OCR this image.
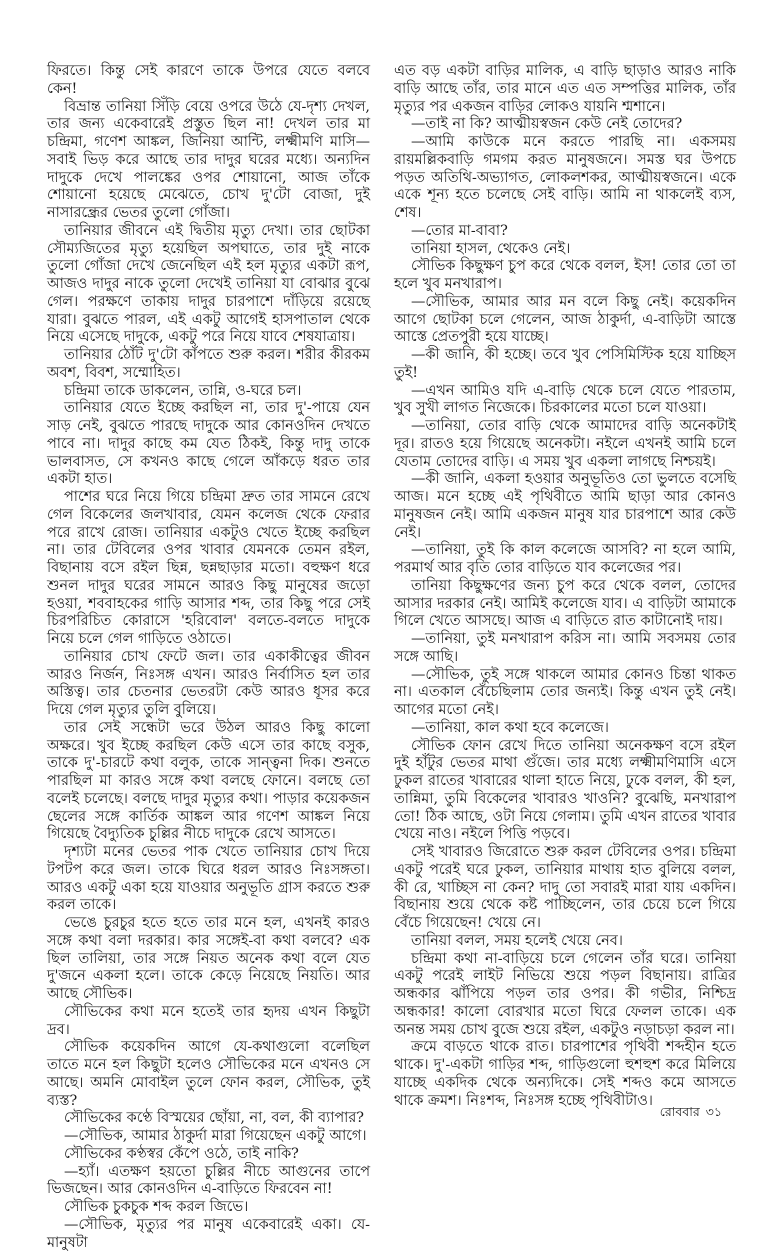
ফিরতে। কিন্তু সেই কারণে তাকে উপরে যেতে বলবে কেন!

বিভ্রান্ত তানিয়া সিঁড়ি বেয়ে ওপরে উঠে যে-দৃশ্য দেখল, তার জন্য একেবারেই প্রস্তুত ছিল না! দেখল তার মা চন্দ্রিমা, গণেশ আঙ্কল, জিনিয়া আন্টি, লক্ষ্মীমণি মাসি—সবাই ভিড় করে আছে তার দাদুর ঘরের মধ্যে। অন্যদিন দাদুকে দেখে পালঙ্কের ওপর শোয়ানো, আজ তাঁকে শোয়ানো হয়েছে মেঝেতে, চোখ দু'টো বোজা, দুই নাসারন্ধ্রের ভেতর তুলো গোঁজা।

তানিয়ার জীবনে এই দ্বিতীয় মৃত্যু দেখা। তার ছোটকা সৌম্যজিতের মৃত্যু হয়েছিল অপঘাতে, তার দুই নাকে তুলো গোঁজা দেখে জেনেছিল এই হল মৃত্যুর একটা রূপ, আজও দাদুর নাকে তুলো দেখেই তানিয়া যা বোঝার বুঝে গেল। পরক্ষণে তাকায় দাদুর চারপাশে দাঁড়িয়ে রয়েছে যারা। বুঝতে পারল, এই একটু আগেই হাসপাতাল থেকে নিয়ে এসেছে দাদুকে, একটু পরে নিয়ে যাবে শেষযাত্রায়।

তানিয়ার ঠোঁট দু'টো কাঁপতে শুরু করল। শরীর কীরকম অবশ, বিবশ, সম্মোহিত।

চন্দ্রিমা তাকে ডাকলেন, তান্নি, ও-ঘরে চল।

তানিয়ার যেতে ইচ্ছে করছিল না, তার দু'-পায়ে যেন সাড় নেই, বুঝতে পারছে দাদুকে আর কোনওদিন দেখতে পাবে না। দাদুর কাছে কম যেত ঠিকই, কিন্তু দাদু তাকে ভালবাসত, সে কখনও কাছে গেলে আঁকড়ে ধরত তার একটা হাত।

পাশের ঘরে নিয়ে গিয়ে চন্দ্রিমা দ্রুত তার সামনে রেখে গেল বিকেলের জলখাবার, যেমন কলেজ থেকে ফেরার পরে রাখে রোজ। তানিয়ার একটুও খেতে ইচ্ছে করছিল না। তার টেবিলের ওপর খাবার যেমনকে তেমন রইল, বিছানায় বসে রইল ছিন্ন, ছন্নছাড়ার মতো। বহুক্ষণ ধরে শুনল দাদুর ঘরের সামনে আরও কিছু মানুষের জড়ো হওয়া, শববাহকের গাড়ি আসার শব্দ, তার কিছু পরে সেই চিরপরিচিত কোরাসে 'হরিবোল' বলতে-বলতে দাদুকে নিয়ে চলে গেল গাড়িতে ওঠাতে।

তানিয়ার চোখ ফেটে জল। তার একাকীত্বের জীবন আরও নির্জন, নিঃসঙ্গ এখন। আরও নির্বাসিত হল তার অস্তিত্ব। তার চেতনার ভেতরটা কেউ আরও ধূসর করে দিয়ে গেল মৃত্যুর তুলি বুলিয়ে।

তার সেই সন্ধেটা ভরে উঠল আরও কিছু কালো অক্ষরে। খুব ইচ্ছে করছিল কেউ এসে তার কাছে বসুক, তাকে দু'-চারটে কথা বলুক, তাকে সান্ত্বনা দিক। শুনতে পারছিল মা কারও সঙ্গে কথা বলছে ফোনে। বলছে তো বলেই চলেছে। বলছে দাদুর মৃত্যুর কথা। পাড়ার কয়েকজন ছেলের সঙ্গে কার্তিক আঙ্কল আর গণেশ আঙ্কল নিয়ে গিয়েছে বৈদ্যুতিক চুল্লির নীচে দাদুকে রেখে আসতে।

দৃশ্যটা মনের ভেতর পাক খেতে তানিয়ার চোখ দিয়ে টপটপ করে জল। তাকে ঘিরে ধরল আরও নিঃসঙ্গতা। আরও একটু একা হয়ে যাওয়ার অনুভূতি গ্রাস করতে শুরু করল তাকে।

ভেঙে চুরচুর হতে হতে তার মনে হল, এখনই কারও সঙ্গে কথা বলা দরকার। কার সঙ্গেই-বা কথা বলবে? এক ছিল তালিয়া, তার সঙ্গে নিয়ত অনেক কথা বলে যেত দু'জনে একলা হলে। তাকে কেড়ে নিয়েছে নিয়তি। আর আছে সৌভিক।

সৌভিকের কথা মনে হতেই তার হৃদয় এখন কিছুটা দ্রব।

সৌভিক কয়েকদিন আগে যে-কথাগুলো বলেছিল তাতে মনে হল কিছুটা হলেও সৌভিকের মনে এখনও সে আছে। অমনি মোবাইল তুলে ফোন করল, সৌভিক, তুই ব্যস্ত?

সৌভিকের কণ্ঠে বিস্ময়ের ছোঁয়া, না, বল, কী ব্যাপার?

—সৌভিক, আমার ঠাকুর্দা মারা গিয়েছেন একটু আগে।

সৌভিকের কণ্ঠস্বর কেঁপে ওঠে, তাই নাকি?

—হ্যাঁ। এতক্ষণ হয়তো চুল্লির নীচে আগুনের তাপে ভিজছেন। আর কোনওদিন এ-বাড়িতে ফিরবেন না!

সৌভিক চুকচুক শব্দ করল জিভে।

—সৌভিক, মৃত্যুর পর মানুষ একেবারেই একা। যে-মানুষটা

এত বড় একটা বাড়ির মালিক, এ বাড়ি ছাড়াও আরও নাকি বাড়ি আছে তাঁর, তার মানে এত এত সম্পত্তির মালিক, তাঁর মৃত্যুর পর একজন বাড়ির লোকও যায়নি শ্মশানে।

—তাই না কি? আত্মীয়স্বজন কেউ নেই তোদের?

—আমি কাউকে মনে করতে পারছি না। একসময় রায়মল্লিকবাড়ি গমগম করত মানুষজনে। সমস্ত ঘর উপচে পড়ত অতিথি-অভ্যাগত, লোকলশকর, আত্মীয়স্বজনে। একে একে শূন্য হতে চলেছে সেই বাড়ি। আমি না থাকলেই ব্যস, শেষ।

—তোর মা-বাবা?

তানিয়া হাসল, থেকেও নেই।

সৌভিক কিছুক্ষণ চুপ করে থেকে বলল, ইস! তোর তো তা হলে খুব মনখারাপ।

—সৌভিক, আমার আর মন বলে কিছু নেই। কয়েকদিন আগে ছোটকা চলে গেলেন, আজ ঠাকুর্দা, এ-বাড়িটা আস্তে আস্তে প্রেতপুরী হয়ে যাচ্ছে।

—কী জানি, কী হচ্ছে। তবে খুব পেসিমিস্টিক হয়ে যাচ্ছিস তুই!

—এখন আমিও যদি এ-বাড়ি থেকে চলে যেতে পারতাম, খুব সুখী লাগত নিজেকে। চিরকালের মতো চলে যাওয়া।

—তানিয়া, তোর বাড়ি থেকে আমাদের বাড়ি অনেকটাই দূর। রাতও হয়ে গিয়েছে অনেকটা। নইলে এখনই আমি চলে যেতাম তোদের বাড়ি। এ সময় খুব একলা লাগছে নিশ্চয়ই।

—কী জানি, একলা হওয়ার অনুভূতিও তো ভুলতে বসেছি আজ। মনে হচ্ছে এই পৃথিবীতে আমি ছাড়া আর কোনও মানুষজন নেই। আমি একজন মানুষ যার চারপাশে আর কেউ নেই।

—তানিয়া, তুই কি কাল কলেজে আসবি? না হলে আমি, পরমার্থ আর বৃতি তোর বাড়িতে যাব কলেজের পর।

তানিয়া কিছুক্ষণের জন্য চুপ করে থেকে বলল, তোদের আসার দরকার নেই। আমিই কলেজে যাব। এ বাড়িটা আমাকে গিলে খেতে আসছে। আজ এ বাড়িতে রাত কাটানোই দায়।

—তানিয়া, তুই মনখারাপ করিস না। আমি সবসময় তোর সঙ্গে আছি।

—সৌভিক, তুই সঙ্গে থাকলে আমার কোনও চিন্তা থাকত না। এতকাল বেঁচেছিলাম তোর জন্যই। কিন্তু এখন তুই নেই। আগের মতো নেই।

—তানিয়া, কাল কথা হবে কলেজে।

সৌভিক ফোন রেখে দিতে তানিয়া অনেকক্ষণ বসে রইল দুই হাঁটুর ভেতর মাথা গুঁজে। তার মধ্যে লক্ষ্মীমণিমাসি এসে ঢুকল রাতের খাবারের থালা হাতে নিয়ে, ঢুকে বলল, কী হল, তান্নিমা, তুমি বিকেলের খাবারও খাওনি? বুঝেছি, মনখারাপ তো! ঠিক আছে, ওটা নিয়ে গেলাম। তুমি এখন রাতের খাবার খেয়ে নাও। নইলে পিত্তি পড়বে।

সেই খাবারও জিরোতে শুরু করল টেবিলের ওপর। চন্দ্রিমা একটু পরেই ঘরে ঢুকল, তানিয়ার মাথায় হাত বুলিয়ে বলল, কী রে, খাচ্ছিস না কেন? দাদু তো সবারই মারা যায় একদিন। বিছানায় শুয়ে থেকে কষ্ট পাচ্ছিলেন, তার চেয়ে চলে গিয়ে বেঁচে গিয়েছেন! খেয়ে নে।

তানিয়া বলল, সময় হলেই খেয়ে নেব।

চন্দ্রিমা কথা না-বাড়িয়ে চলে গেলেন তাঁর ঘরে। তানিয়া একটু পরেই লাইট নিভিয়ে শুয়ে পড়ল বিছানায়। রাত্রির অন্ধকার ঝাঁপিয়ে পড়ল তার ওপর। কী গভীর, নিশ্চিদ্র অন্ধকার! কালো বোরখার মতো ঘিরে ফেলল তাকে। এক অনন্ত সময় চোখ বুজে শুয়ে রইল, একটুও নড়াচড়া করল না।

ক্রমে বাড়তে থাকে রাত। চারপাশের পৃথিবী শব্দহীন হতে থাকে। দু'-একটা গাড়ির শব্দ, গাড়িগুলো হুশহুশ করে মিলিয়ে যাচ্ছে একদিক থেকে অন্যদিকে। সেই শব্দও কমে আসতে থাকে ক্রমশ। নিঃশব্দ, নিঃসঙ্গ হচ্ছে পৃথিবীটাও।

রোববার ৩১
